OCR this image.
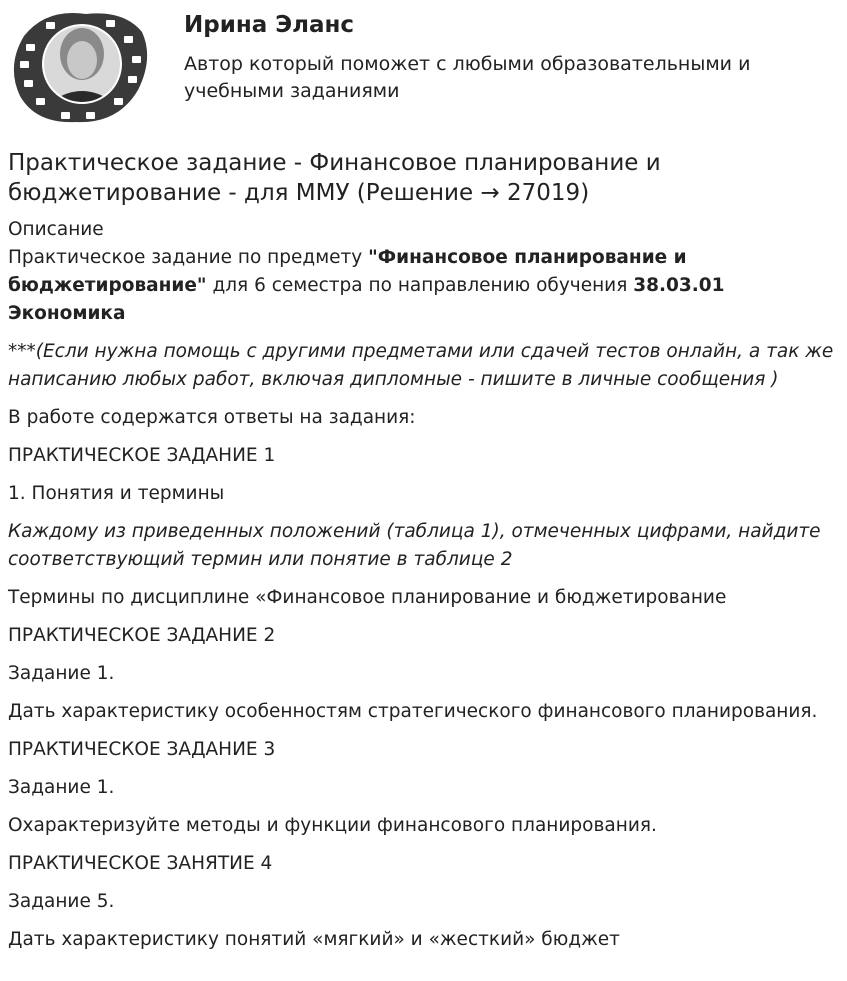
Ирина Эланс
Автор который поможет с любыми образовательными и учебными заданиями
Практическое задание - Финансовое планирование и бюджетирование - для ММУ (Решение → 27019)

Описание

Практическое задание по предмету "Финансовое планирование и бюджетирование" для 6 семестра по направлению обучения 38.03.01 Экономика

***(Если нужна помощь с другими предметами или сдачей тестов онлайн, а так же написанию любых работ, включая дипломные - пишите в личные сообщения )

В работе содержатся ответы на задания:

ПРАКТИЧЕСКОЕ ЗАДАНИЕ 1

1. Понятия и термины

Каждому из приведенных положений (таблица 1), отмеченных цифрами, найдите соответствующий термин или понятие в таблице 2

Термины по дисциплине «Финансовое планирование и бюджетирование

ПРАКТИЧЕСКОЕ ЗАДАНИЕ 2

Задание 1.

Дать характеристику особенностям стратегического финансового планирования.

ПРАКТИЧЕСКОЕ ЗАДАНИЕ 3

Задание 1.

Охарактеризуйте методы и функции финансового планирования.

ПРАКТИЧЕСКОЕ ЗАНЯТИЕ 4

Задание 5.

Дать характеристику понятий «мягкий» и «жесткий» бюджет
